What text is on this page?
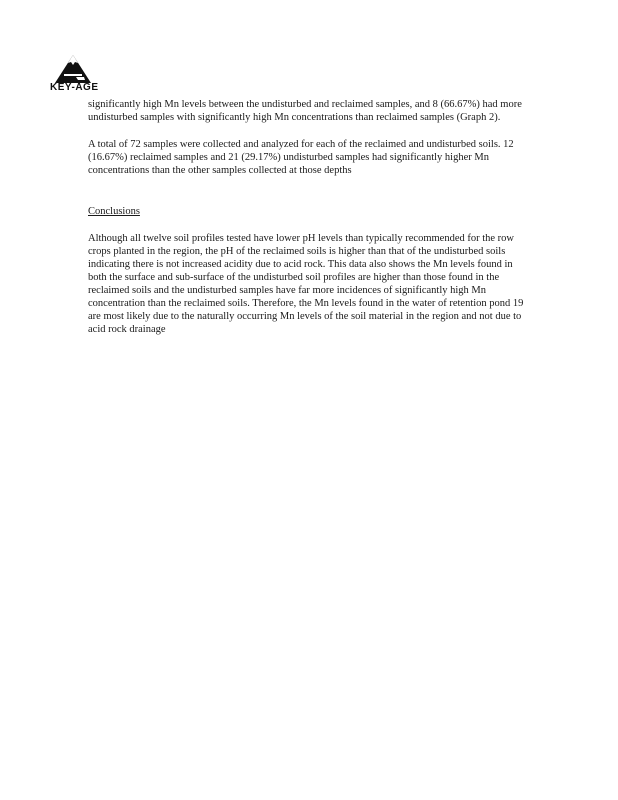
KEY-AGE

significantly high Mn levels between the undisturbed and reclaimed samples, and 8 (66.67%) had more undisturbed samples with significantly high Mn concentrations than reclaimed samples (Graph 2).

A total of 72 samples were collected and analyzed for each of the reclaimed and undisturbed soils. 12 (16.67%) reclaimed samples and 21 (29.17%) undisturbed samples had significantly higher Mn concentrations than the other samples collected at those depths

Conclusions

Although all twelve soil profiles tested have lower pH levels than typically recommended for the row crops planted in the region, the pH of the reclaimed soils is higher than that of the undisturbed soils indicating there is not increased acidity due to acid rock. This data also shows the Mn levels found in both the surface and sub-surface of the undisturbed soil profiles are higher than those found in the reclaimed soils and the undisturbed samples have far more incidences of significantly high Mn concentration than the reclaimed soils. Therefore, the Mn levels found in the water of retention pond 19 are most likely due to the naturally occurring Mn levels of the soil material in the region and not due to acid rock drainage
